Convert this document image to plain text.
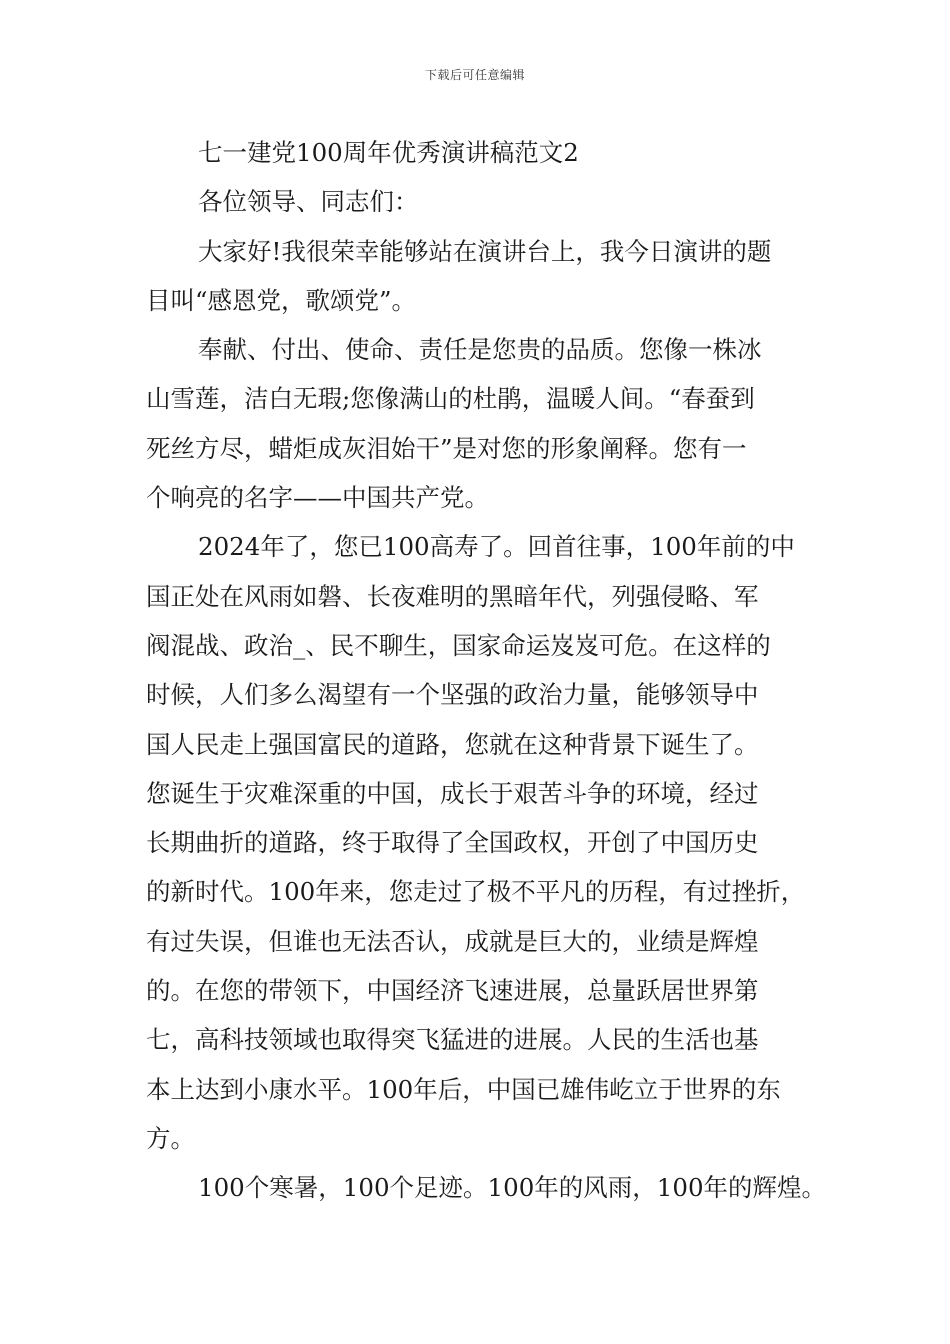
下载后可任意编辑
七一建党100周年优秀演讲稿范文2
各位领导、同志们：
大家好!我很荣幸能够站在演讲台上，我今日演讲的题
目叫“感恩党，歌颂党”。
奉献、付出、使命、责任是您贵的品质。您像一株冰
山雪莲，洁白无瑕;您像满山的杜鹃，温暖人间。“春蚕到
死丝方尽，蜡炬成灰泪始干”是对您的形象阐释。您有一
个响亮的名字——中国共产党。
2024年了，您已100高寿了。回首往事，100年前的中
国正处在风雨如磐、长夜难明的黑暗年代，列强侵略、军
阀混战、政治_、民不聊生，国家命运岌岌可危。在这样的
时候，人们多么渴望有一个坚强的政治力量，能够领导中
国人民走上强国富民的道路，您就在这种背景下诞生了。
您诞生于灾难深重的中国，成长于艰苦斗争的环境，经过
长期曲折的道路，终于取得了全国政权，开创了中国历史
的新时代。100年来，您走过了极不平凡的历程，有过挫折，
有过失误，但谁也无法否认，成就是巨大的，业绩是辉煌
的。在您的带领下，中国经济飞速进展，总量跃居世界第
七，高科技领域也取得突飞猛进的进展。人民的生活也基
本上达到小康水平。100年后，中国已雄伟屹立于世界的东
方。
100个寒暑，100个足迹。100年的风雨，100年的辉煌。
